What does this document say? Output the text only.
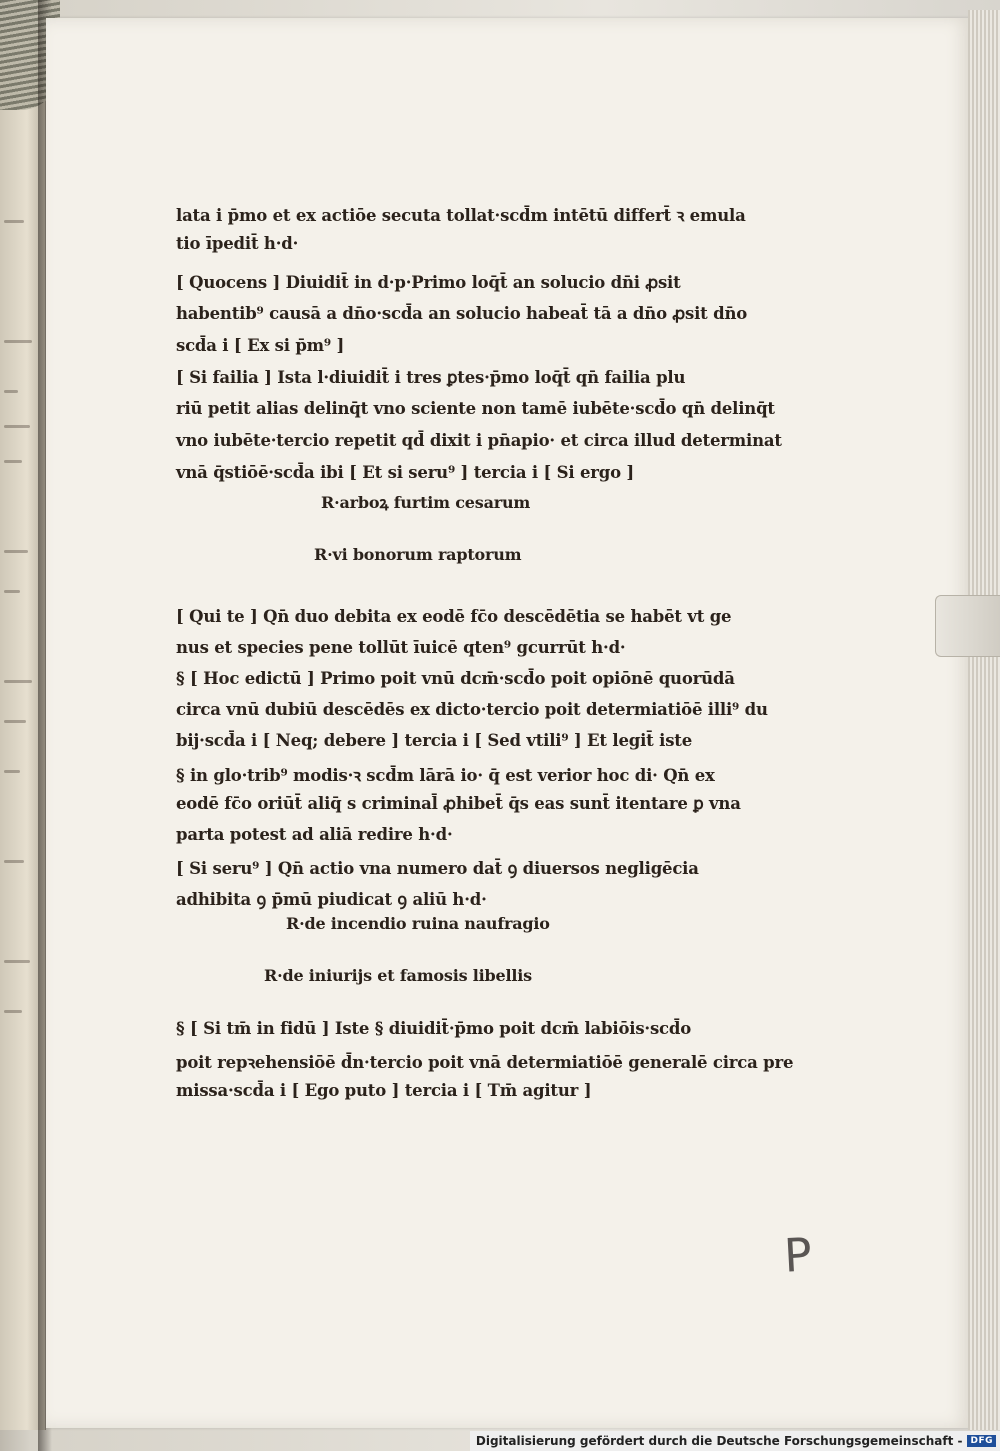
lata i p̄mo et ex actiōe secuta tollat·scd̄m intētū differt̄ ꝛ emula
tio īpedit̄ h·d·
[ Quocens ] Diuidit̄ in d·p·Primo loq̄t̄ an solucio dn̄i ꝓsit
habentib⁹ causā a dn̄o·scd̄a an solucio habeat̄ tā a dn̄o ꝓsit dn̄o
scd̄a i [ Ex si p̄m⁹ ]
[ Si failia ] Ista l·diuidit̄ i tres ꝑtes·p̄mo loq̄t̄ qn̄ failia plu
riū petit alias delinq̄t vno sciente non tamē iubēte·scd̄o qn̄ delinq̄t
vno iubēte·tercio repetit qd̄ dixit i pn̄apio· et circa illud determinat
vnā q̄stiōē·scd̄a ibi [ Et si seru⁹ ] tercia i [ Si ergo ]
R·arboꝝ furtim cesarum
R·vi bonorum raptorum
[ Qui te ] Qn̄ duo debita ex eodē fc̄o descēdētia se habēt vt ge
nus et species pene tollūt īuicē qten⁹ gcurrūt h·d·
§ [ Hoc edictū ] Primo poit vnū dcm̄·scd̄o poit opiōnē quorūdā
circa vnū dubiū descēdēs ex dicto·tercio poit determiatiōē illi⁹ du
bij·scd̄a i [ Neq; debere ] tercia i [ Sed vtili⁹ ] Et legit̄ iste
§ in glo·trib⁹ modis·ꝛ scd̄m lārā io· q̄ est verior hoc di· Qn̄ ex
eodē fc̄o oriūt̄ aliq̄ s criminal̄ ꝓhibet̄ q̄s eas sunt̄ itentare ꝑ vna
parta potest ad aliā redire h·d·
[ Si seru⁹ ] Qn̄ actio vna numero dat̄ ꝯ diuersos negligēcia
adhibita ꝯ p̄mū piudicat ꝯ aliū h·d·
R·de incendio ruina naufragio
R·de iniurijs et famosis libellis
§ [ Si tm̄ in fidū ] Iste § diuidit̄·p̄mo poit dcm̄ labiōis·scd̄o
poit repꝛehensiōē d̄n·tercio poit vnā determiatiōē generalē circa pre
missa·scd̄a i [ Ego puto ] tercia i [ Tm̄ agitur ]
P
Digitalisierung gefördert durch die Deutsche Forschungsgemeinschaft - DFG
